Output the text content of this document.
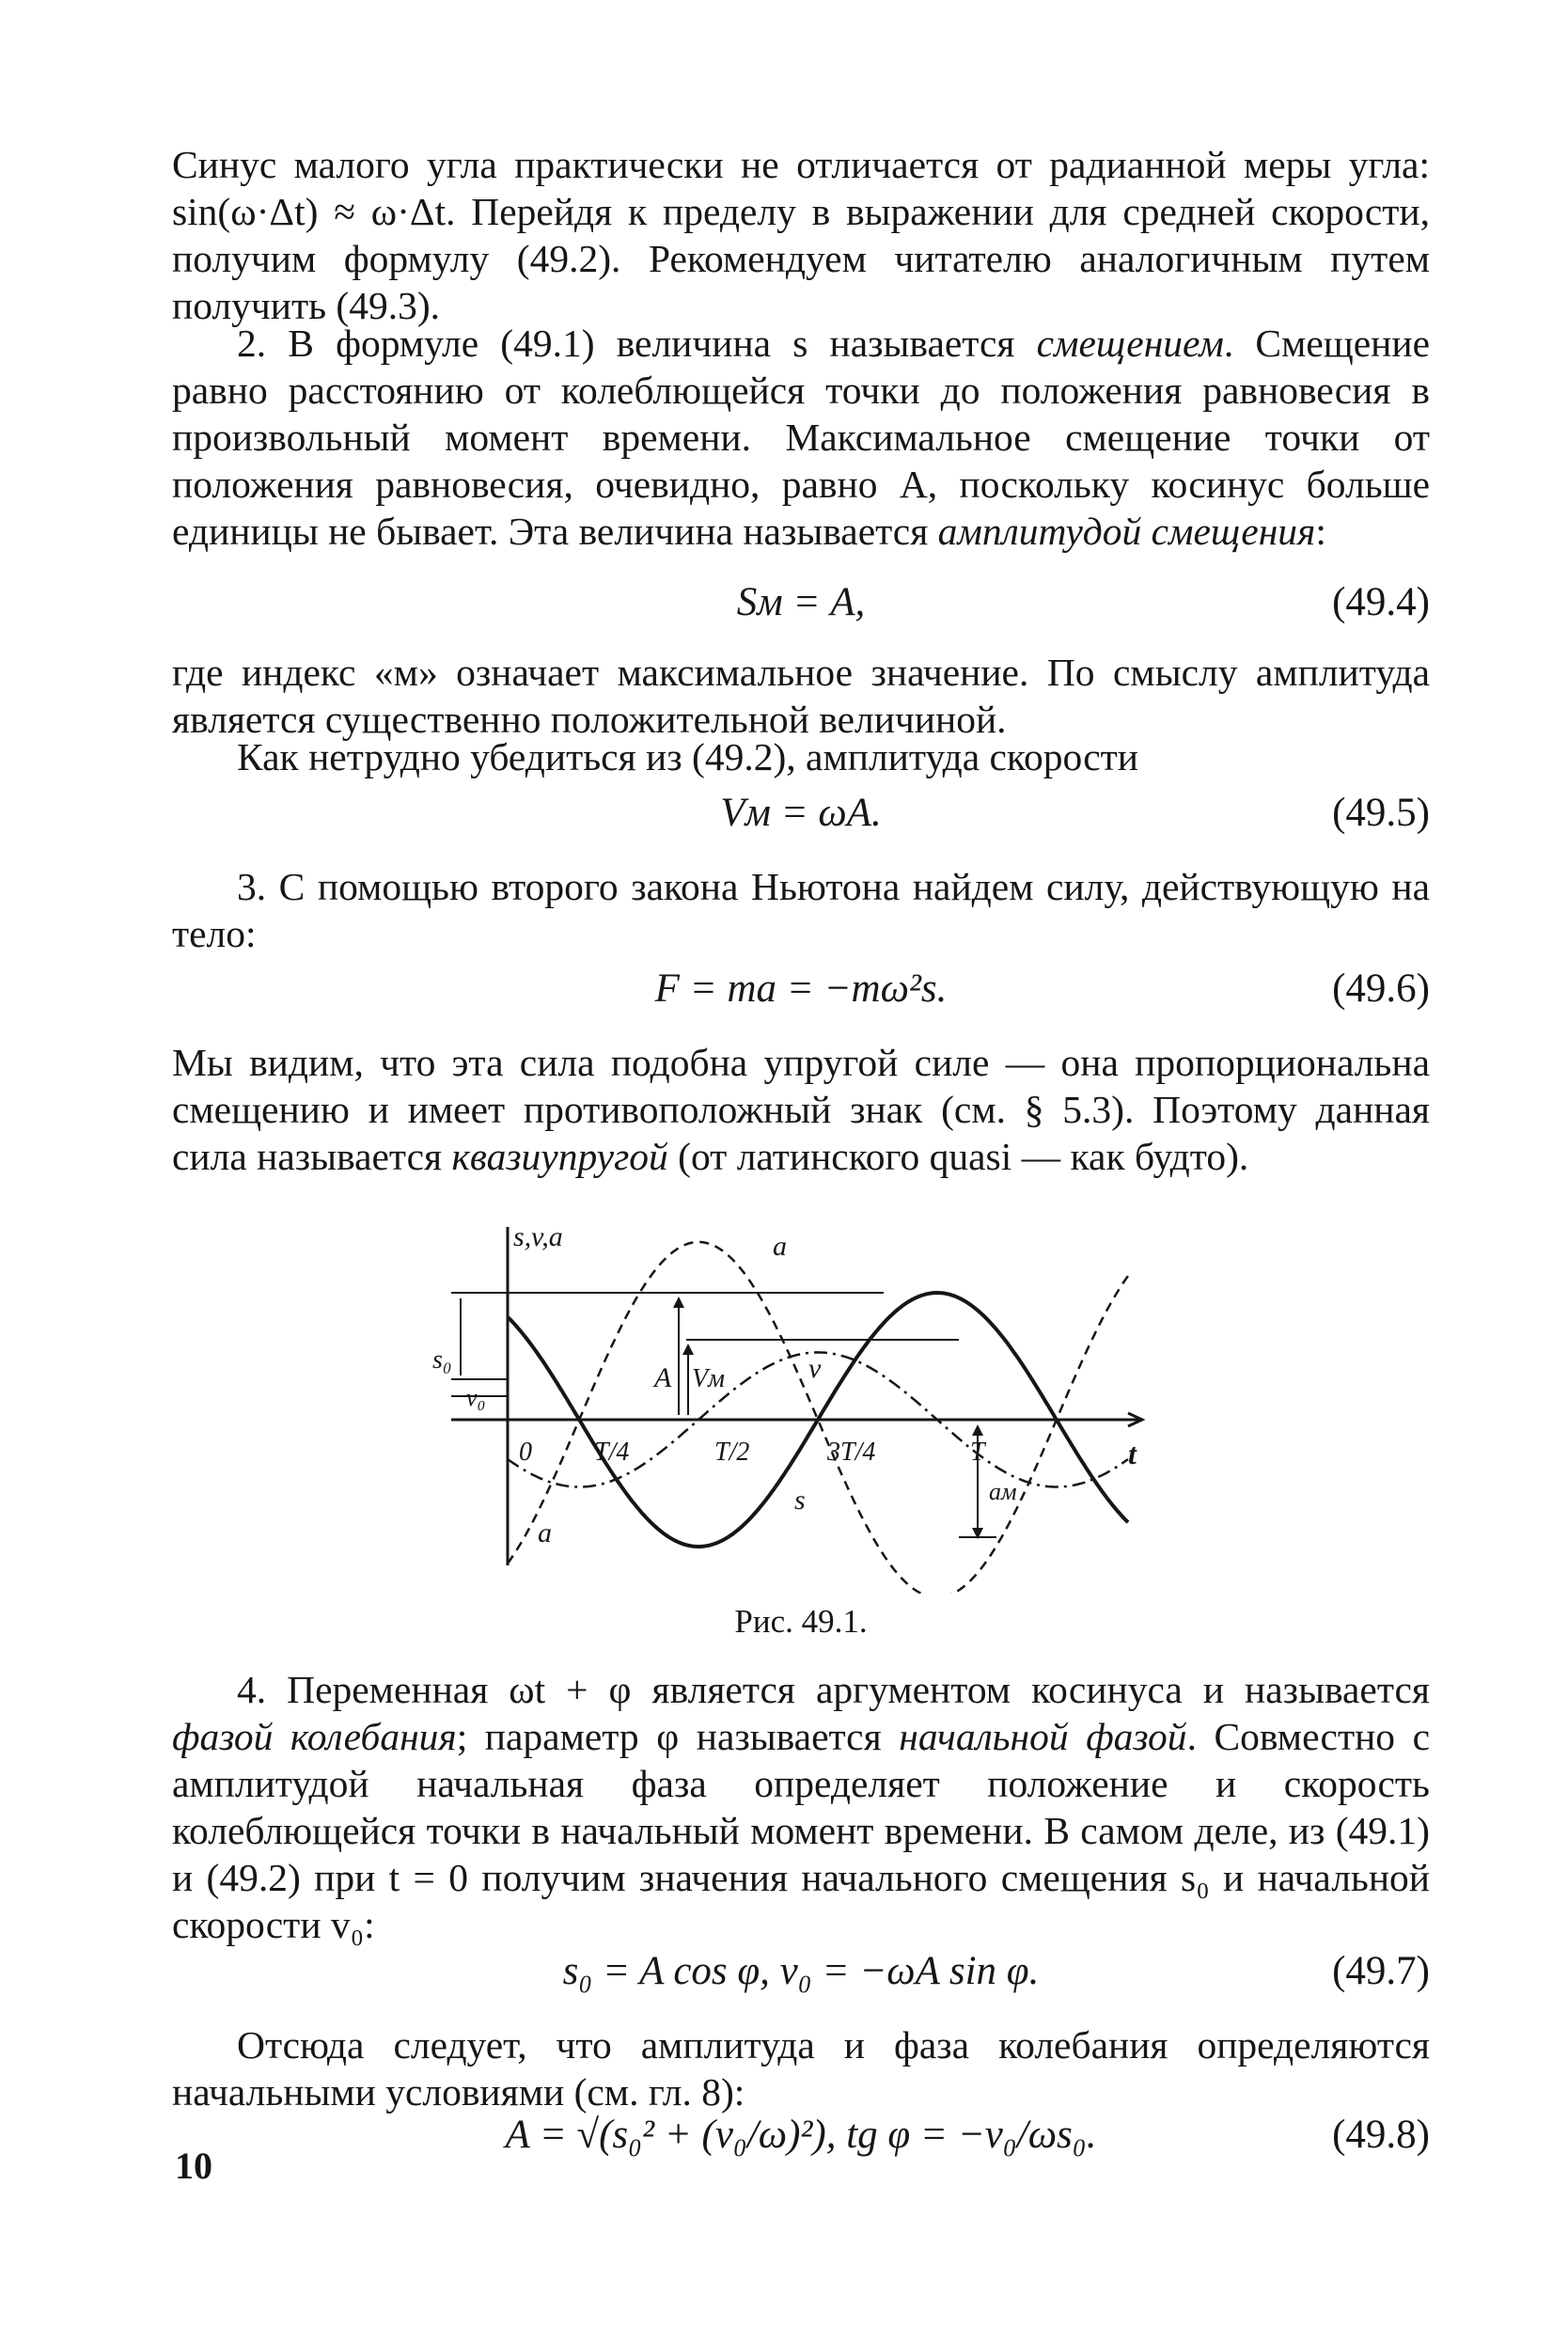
Синус малого угла практически не отличается от радианной меры угла: sin(ω·Δt) ≈ ω·Δt. Перейдя к пределу в выражении для средней скорости, получим формулу (49.2). Рекомендуем читателю аналогичным путем получить (49.3).

2. В формуле (49.1) величина s называется смещением. Смещение равно расстоянию от колеблющейся точки до положения равновесия в произвольный момент времени. Максимальное смещение точки от положения равновесия, очевидно, равно A, поскольку косинус больше единицы не бывает. Эта величина называется амплитудой смещения:

Sм = A,	(49.4)

где индекс «м» означает максимальное значение. По смыслу амплитуда является существенно положительной величиной.

Как нетрудно убедиться из (49.2), амплитуда скорости

Vм = ωA.	(49.5)

3. С помощью второго закона Ньютона найдем силу, действующую на тело:

F = ma = −mω²s.	(49.6)

Мы видим, что эта сила подобна упругой силе — она пропорциональна смещению и имеет противоположный знак (см. § 5.3). Поэтому данная сила называется квазиупругой (от латинского quasi — как будто).

s,v,a
t
0 T/4	T/2	3T/4	T
a
a
s
v
A Vм
aм
s₀
v₀
Рис. 49.1.

4. Переменная ωt + φ является аргументом косинуса и называется фазой колебания; параметр φ называется начальной фазой. Совместно с амплитудой начальная фаза определяет положение и скорость колеблющейся точки в начальный момент времени. В самом деле, из (49.1) и (49.2) при t = 0 получим значения начального смещения s₀ и начальной скорости v₀:

s₀ = A cos φ, v₀ = −ωA sin φ.	(49.7)

Отсюда следует, что амплитуда и фаза колебания определяются начальными условиями (см. гл. 8):

A = √(s₀² + (v₀/ω)²), tg φ = −v₀/ωs₀.	(49.8)
10
